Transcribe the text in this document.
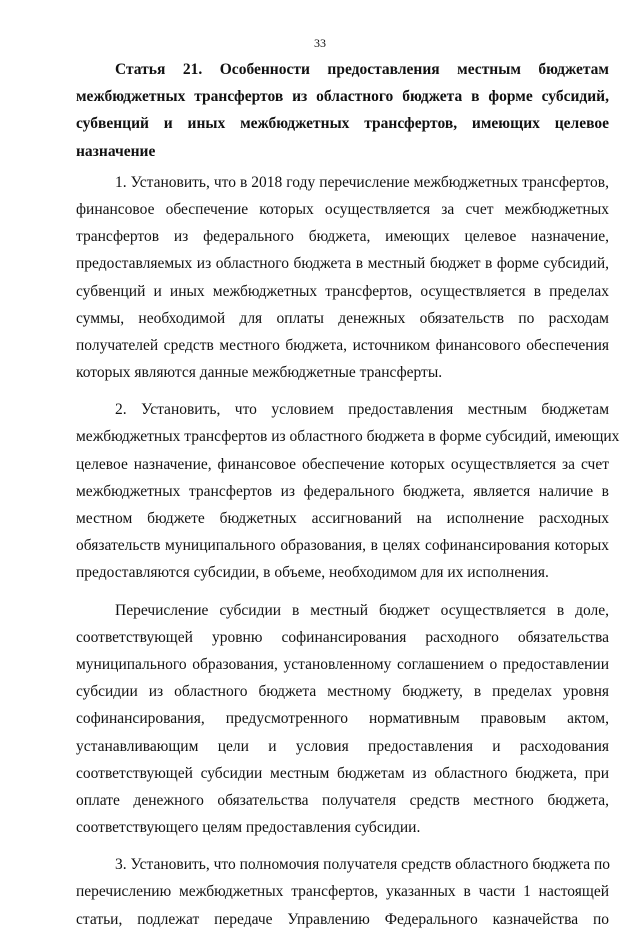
33
Статья 21. Особенности предоставления местным бюджетам
межбюджетных трансфертов из областного бюджета в форме субсидий,
субвенций и иных межбюджетных трансфертов, имеющих целевое
назначение
1. Установить, что в 2018 году перечисление межбюджетных трансфертов,
финансовое обеспечение которых осуществляется за счет межбюджетных
трансфертов из федерального бюджета, имеющих целевое назначение,
предоставляемых из областного бюджета в местный бюджет в форме субсидий,
субвенций и иных межбюджетных трансфертов, осуществляется в пределах
суммы, необходимой для оплаты денежных обязательств по расходам
получателей средств местного бюджета, источником финансового обеспечения
которых являются данные межбюджетные трансферты.
2. Установить, что условием предоставления местным бюджетам
межбюджетных трансфертов из областного бюджета в форме субсидий, имеющих
целевое назначение, финансовое обеспечение которых осуществляется за счет
межбюджетных трансфертов из федерального бюджета, является наличие в
местном бюджете бюджетных ассигнований на исполнение расходных
обязательств муниципального образования, в целях софинансирования которых
предоставляются субсидии, в объеме, необходимом для их исполнения.
Перечисление субсидии в местный бюджет осуществляется в доле,
соответствующей уровню софинансирования расходного обязательства
муниципального образования, установленному соглашением о предоставлении
субсидии из областного бюджета местному бюджету, в пределах уровня
софинансирования, предусмотренного нормативным правовым актом,
устанавливающим цели и условия предоставления и расходования
соответствующей субсидии местным бюджетам из областного бюджета, при
оплате денежного обязательства получателя средств местного бюджета,
соответствующего целям предоставления субсидии.
3. Установить, что полномочия получателя средств областного бюджета по
перечислению межбюджетных трансфертов, указанных в части 1 настоящей
статьи, подлежат передаче Управлению Федерального казначейства по
